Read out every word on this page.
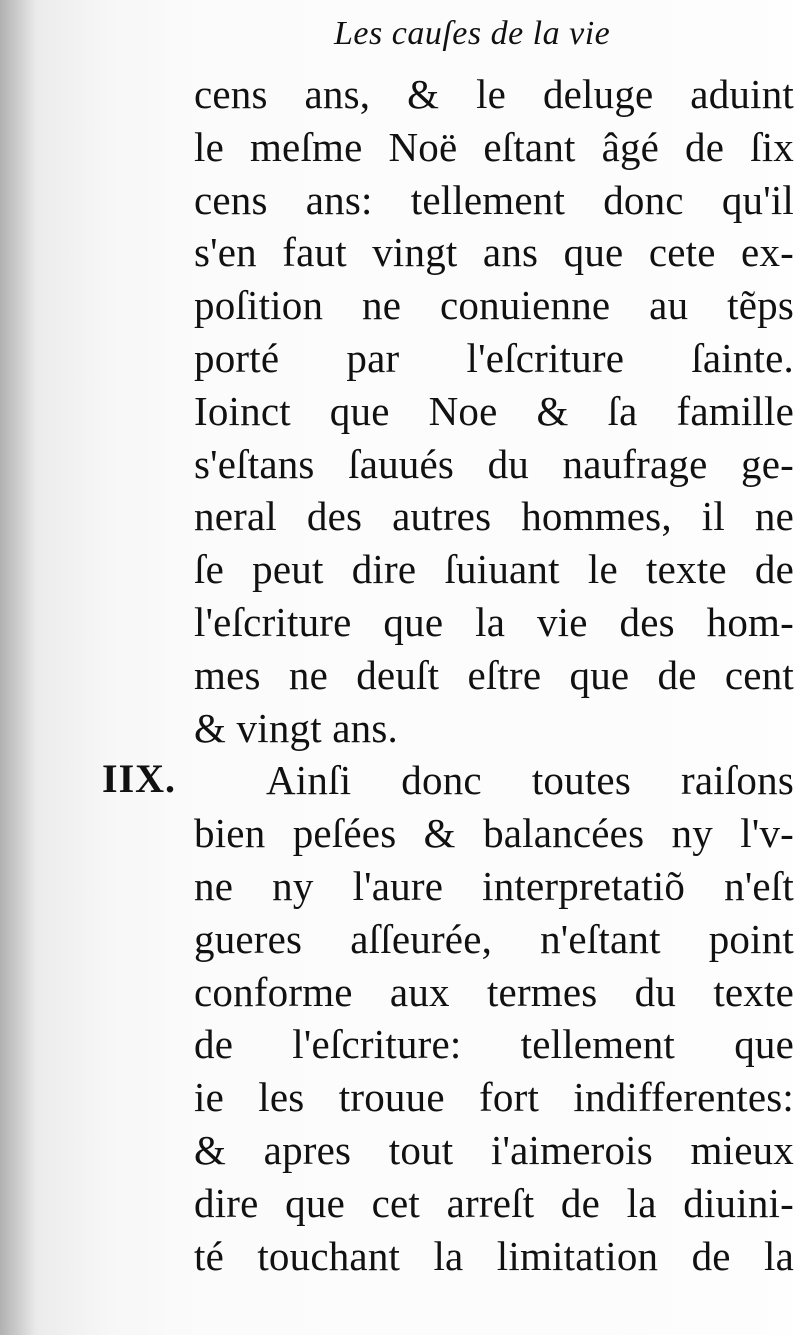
Les cauſes de la vie
IIX.
cens ans, & le deluge aduint
le meſme Noë eſtant âgé de ſix
cens ans: tellement donc qu'il
s'en faut vingt ans que cete ex-
poſition ne conuienne au tẽps
porté par l'eſcriture ſainte.
Ioinct que Noe & ſa famille
s'eſtans ſauués du naufrage ge-
neral des autres hommes, il ne
ſe peut dire ſuiuant le texte de
l'eſcriture que la vie des hom-
mes ne deuſt eſtre que de cent
& vingt ans.
Ainſi donc toutes raiſons
bien peſées & balancées ny l'v-
ne ny l'aure interpretatiõ n'eſt
gueres aſſeurée, n'eſtant point
conforme aux termes du texte
de l'eſcriture: tellement que
ie les trouue fort indifferentes:
& apres tout i'aimerois mieux
dire que cet arreſt de la diuini-
té touchant la limitation de la
